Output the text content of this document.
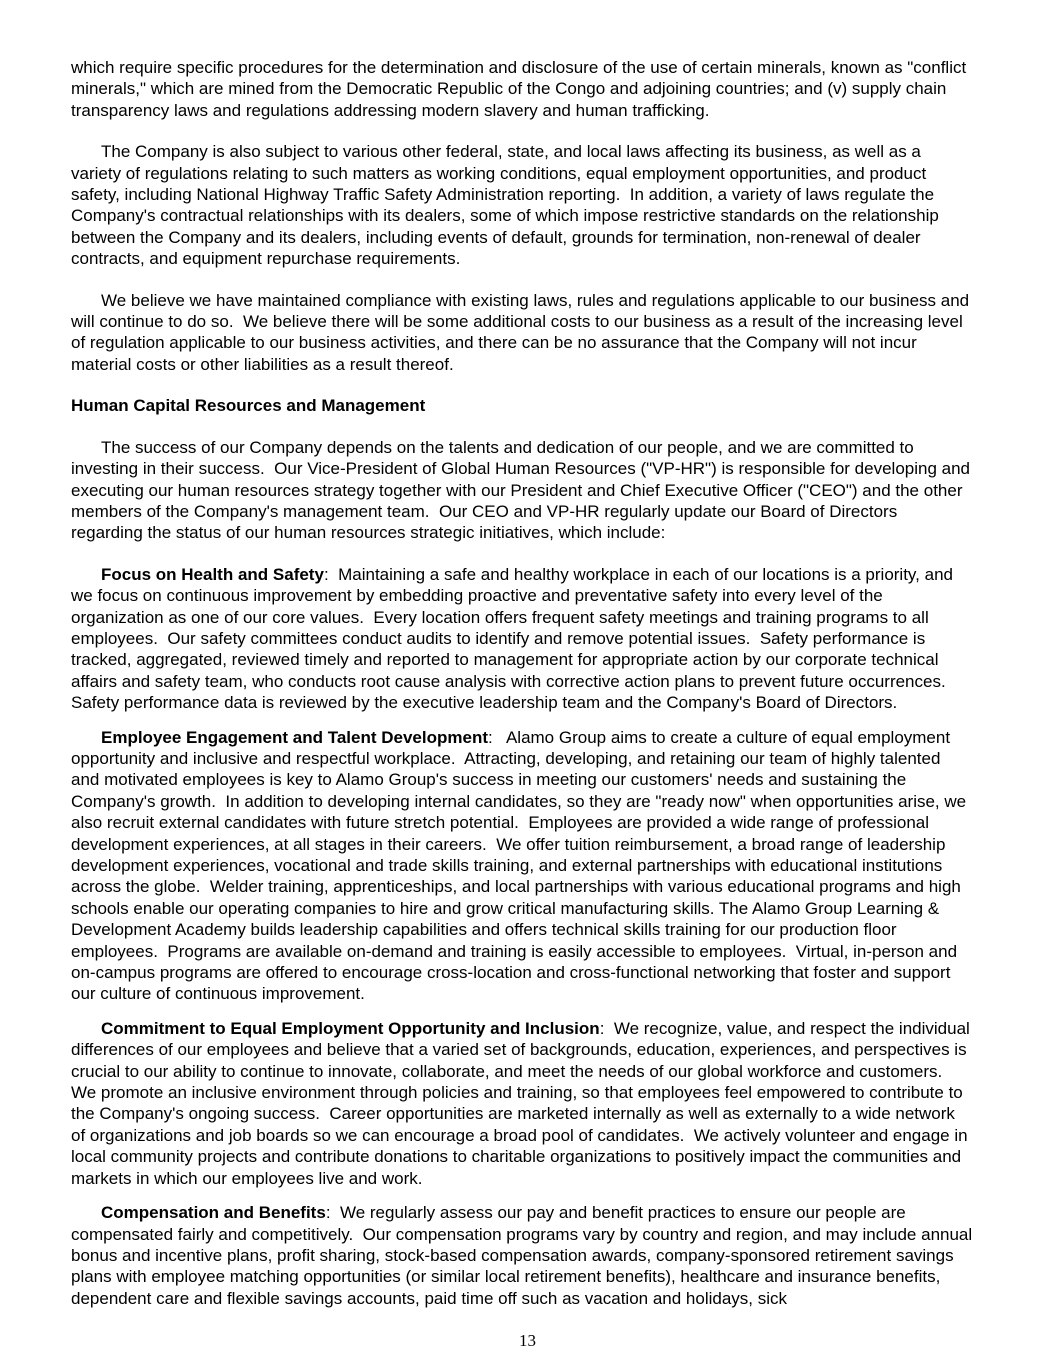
which require specific procedures for the determination and disclosure of the use of certain minerals, known as "conflict minerals," which are mined from the Democratic Republic of the Congo and adjoining countries; and (v) supply chain transparency laws and regulations addressing modern slavery and human trafficking.

The Company is also subject to various other federal, state, and local laws affecting its business, as well as a variety of regulations relating to such matters as working conditions, equal employment opportunities, and product safety, including National Highway Traffic Safety Administration reporting.  In addition, a variety of laws regulate the Company's contractual relationships with its dealers, some of which impose restrictive standards on the relationship between the Company and its dealers, including events of default, grounds for termination, non-renewal of dealer contracts, and equipment repurchase requirements.

We believe we have maintained compliance with existing laws, rules and regulations applicable to our business and will continue to do so.  We believe there will be some additional costs to our business as a result of the increasing level of regulation applicable to our business activities, and there can be no assurance that the Company will not incur material costs or other liabilities as a result thereof.

Human Capital Resources and Management

The success of our Company depends on the talents and dedication of our people, and we are committed to investing in their success.  Our Vice-President of Global Human Resources ("VP-HR") is responsible for developing and executing our human resources strategy together with our President and Chief Executive Officer ("CEO") and the other members of the Company's management team.  Our CEO and VP-HR regularly update our Board of Directors regarding the status of our human resources strategic initiatives, which include:

Focus on Health and Safety:  Maintaining a safe and healthy workplace in each of our locations is a priority, and we focus on continuous improvement by embedding proactive and preventative safety into every level of the organization as one of our core values.  Every location offers frequent safety meetings and training programs to all employees.  Our safety committees conduct audits to identify and remove potential issues.  Safety performance is tracked, aggregated, reviewed timely and reported to management for appropriate action by our corporate technical affairs and safety team, who conducts root cause analysis with corrective action plans to prevent future occurrences.  Safety performance data is reviewed by the executive leadership team and the Company's Board of Directors.

Employee Engagement and Talent Development:   Alamo Group aims to create a culture of equal employment opportunity and inclusive and respectful workplace.  Attracting, developing, and retaining our team of highly talented and motivated employees is key to Alamo Group's success in meeting our customers' needs and sustaining the Company's growth.  In addition to developing internal candidates, so they are "ready now" when opportunities arise, we also recruit external candidates with future stretch potential.  Employees are provided a wide range of professional development experiences, at all stages in their careers.  We offer tuition reimbursement, a broad range of leadership development experiences, vocational and trade skills training, and external partnerships with educational institutions across the globe.  Welder training, apprenticeships, and local partnerships with various educational programs and high schools enable our operating companies to hire and grow critical manufacturing skills. The Alamo Group Learning & Development Academy builds leadership capabilities and offers technical skills training for our production floor employees.  Programs are available on-demand and training is easily accessible to employees.  Virtual, in-person and on-campus programs are offered to encourage cross-location and cross-functional networking that foster and support our culture of continuous improvement.

Commitment to Equal Employment Opportunity and Inclusion:  We recognize, value, and respect the individual differences of our employees and believe that a varied set of backgrounds, education, experiences, and perspectives is crucial to our ability to continue to innovate, collaborate, and meet the needs of our global workforce and customers.  We promote an inclusive environment through policies and training, so that employees feel empowered to contribute to the Company's ongoing success.  Career opportunities are marketed internally as well as externally to a wide network of organizations and job boards so we can encourage a broad pool of candidates.  We actively volunteer and engage in local community projects and contribute donations to charitable organizations to positively impact the communities and markets in which our employees live and work.

Compensation and Benefits:  We regularly assess our pay and benefit practices to ensure our people are compensated fairly and competitively.  Our compensation programs vary by country and region, and may include annual bonus and incentive plans, profit sharing, stock-based compensation awards, company-sponsored retirement savings plans with employee matching opportunities (or similar local retirement benefits), healthcare and insurance benefits, dependent care and flexible savings accounts, paid time off such as vacation and holidays, sick

13
